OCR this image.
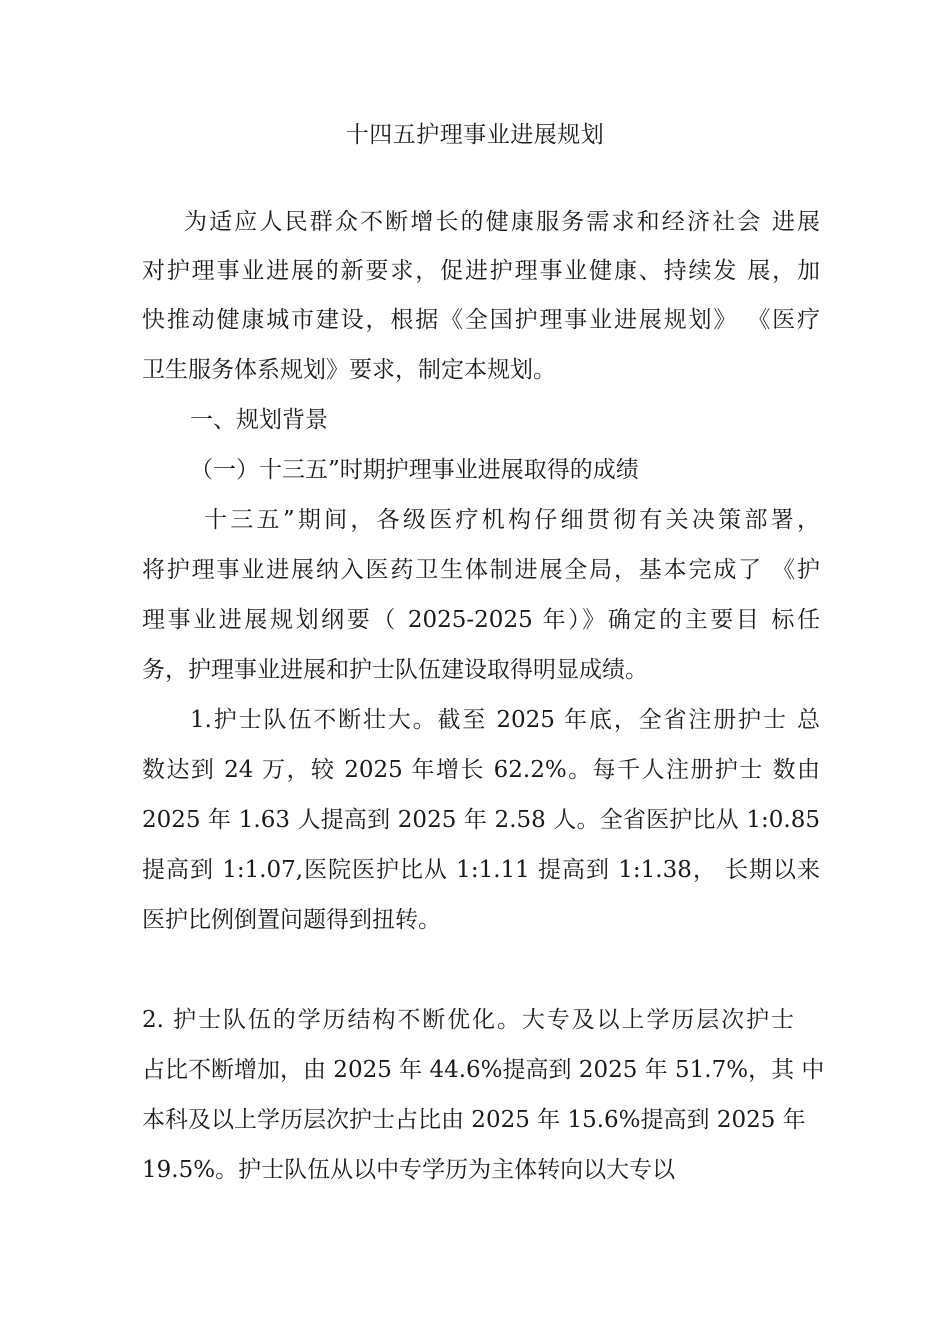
十四五护理事业进展规划
为适应人民群众不断增长的健康服务需求和经济社会 进展
对护理事业进展的新要求，促进护理事业健康、持续发 展，加
快推动健康城市建设，根据《全国护理事业进展规划》 《医疗
卫生服务体系规划》要求，制定本规划。
一、规划背景
（一）十三五”时期护理事业进展取得的成绩
十三五”期间，各级医疗机构仔细贯彻有关决策部署，
将护理事业进展纳入医药卫生体制进展全局，基本完成了 《护
理事业进展规划纲要（ 2025-2025 年）》确定的主要目 标任
务，护理事业进展和护士队伍建设取得明显成绩。
1.护士队伍不断壮大。截至 2025 年底，全省注册护士 总
数达到 24 万，较 2025 年增长 62.2%。每千人注册护士 数由
2025 年 1.63 人提高到 2025 年 2.58 人。全省医护比从 1:0.85
提高到 1:1.07,医院医护比从 1:1.11 提高到 1:1.38， 长期以来
医护比例倒置问题得到扭转。
2. 护士队伍的学历结构不断优化。大专及以上学历层次护士
占比不断增加，由 2025 年 44.6%提高到 2025 年 51.7%，其 中
本科及以上学历层次护士占比由 2025 年 15.6%提高到 2025 年
19.5%。护士队伍从以中专学历为主体转向以大专以
